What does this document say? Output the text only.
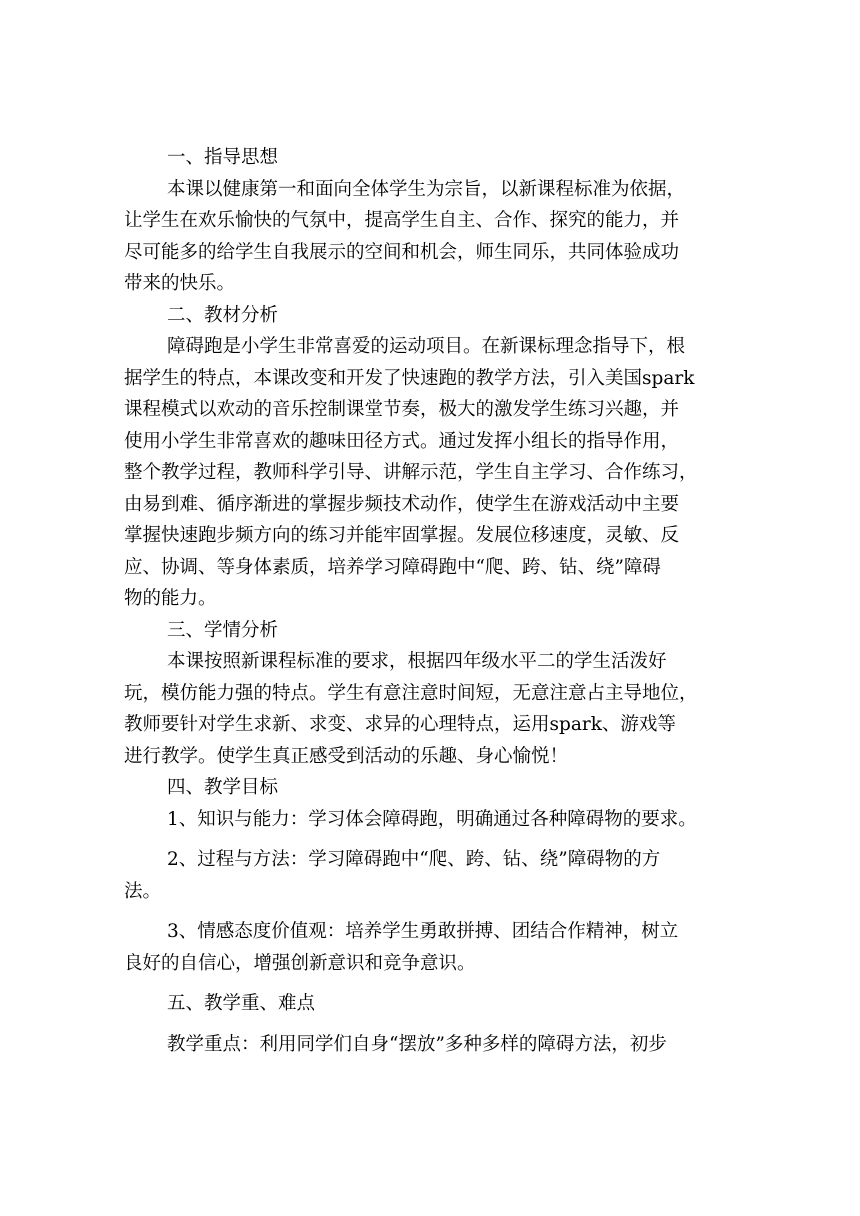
一、指导思想
本课以健康第一和面向全体学生为宗旨，以新课程标准为依据，
让学生在欢乐愉快的气氛中，提高学生自主、合作、探究的能力，并
尽可能多的给学生自我展示的空间和机会，师生同乐，共同体验成功
带来的快乐。
二、教材分析
障碍跑是小学生非常喜爱的运动项目。在新课标理念指导下，根
据学生的特点，本课改变和开发了快速跑的教学方法，引入美国spark
课程模式以欢动的音乐控制课堂节奏，极大的激发学生练习兴趣，并
使用小学生非常喜欢的趣味田径方式。通过发挥小组长的指导作用，
整个教学过程，教师科学引导、讲解示范，学生自主学习、合作练习，
由易到难、循序渐进的掌握步频技术动作，使学生在游戏活动中主要
掌握快速跑步频方向的练习并能牢固掌握。发展位移速度，灵敏、反
应、协调、等身体素质，培养学习障碍跑中“爬、跨、钻、绕”障碍
物的能力。
三、学情分析
本课按照新课程标准的要求，根据四年级水平二的学生活泼好
玩，模仿能力强的特点。学生有意注意时间短，无意注意占主导地位，
教师要针对学生求新、求变、求异的心理特点，运用spark、游戏等
进行教学。使学生真正感受到活动的乐趣、身心愉悦！
四、教学目标
1、知识与能力：学习体会障碍跑，明确通过各种障碍物的要求。
2、过程与方法：学习障碍跑中“爬、跨、钻、绕”障碍物的方
法。
3、情感态度价值观：培养学生勇敢拼搏、团结合作精神，树立
良好的自信心，增强创新意识和竞争意识。
五、教学重、难点
教学重点：利用同学们自身“摆放”多种多样的障碍方法，初步
